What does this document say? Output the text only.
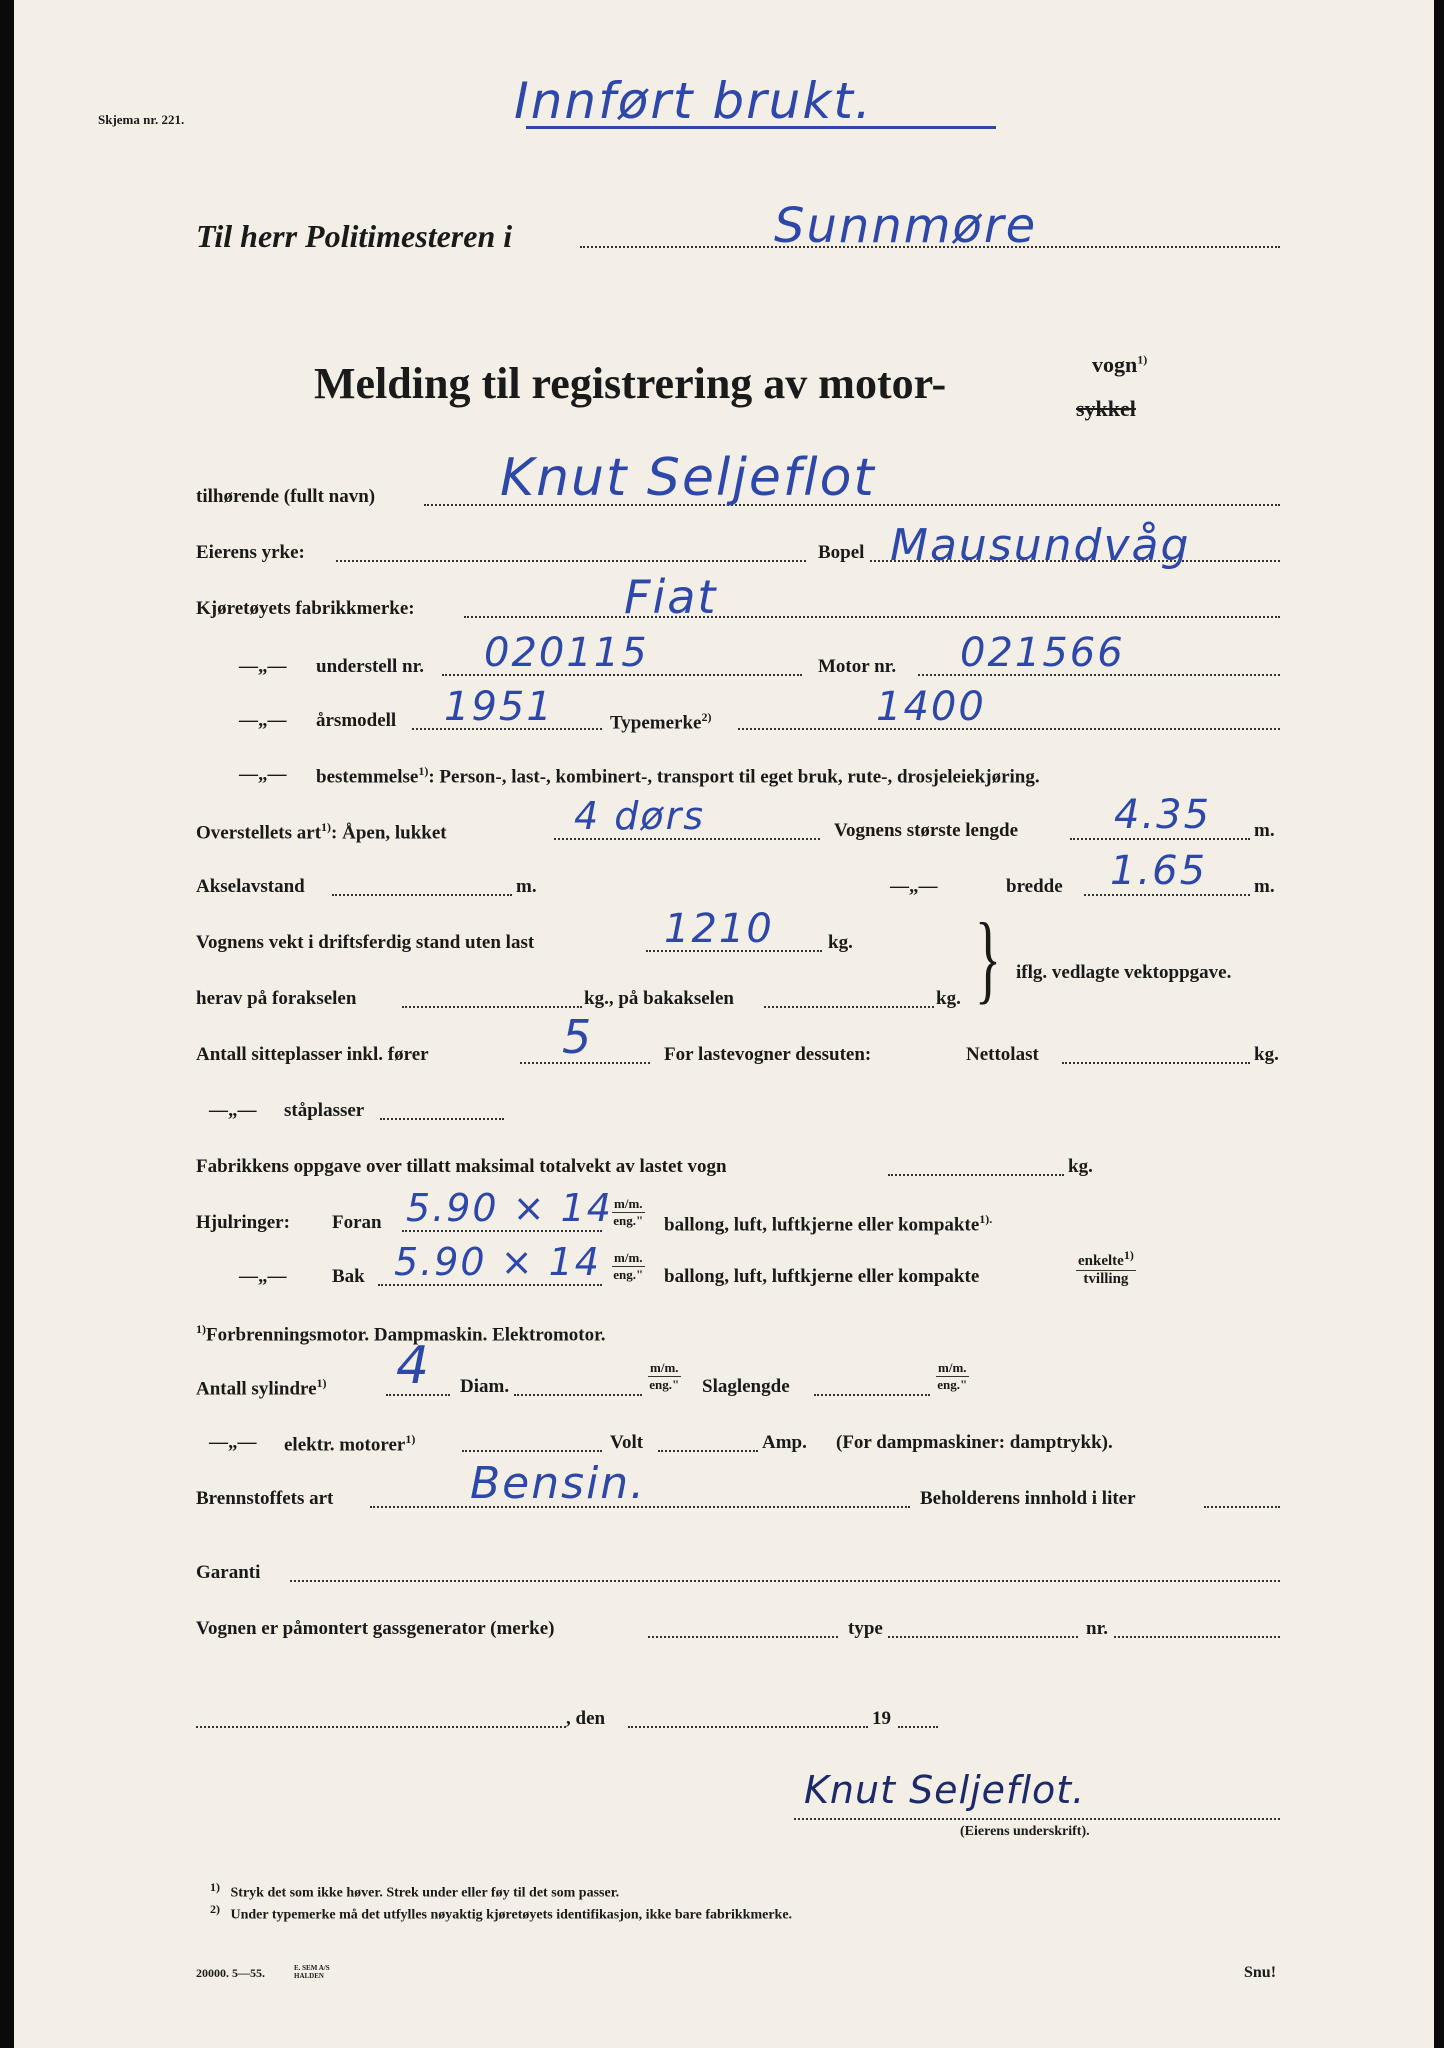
Innført brukt.
Skjema nr. 221.
Til herr Politimesteren i	Sunnmøre
Melding til registrering av motor-	vogn$^{1)}$
sykkel
tilhørende (fullt navn) Knut Seljeflot
Eierens yrke:	Bopel Mausundvåg
Kjøretøyets fabrikkmerke:	Fiat
—„— understell nr. 020115	Motor nr. 021566
—„— årsmodell 1951	Typemerke$^{2)}$	1400
—„— bestemmelse$^{1)}$: Person-, last-, kombinert-, transport til eget bruk, rute-, drosjeleiekjøring.
Overstellets art$^{1)}$: Åpen, lukket	4 dørs	Vognens største lengde 4.35 m.
Akselavstand	m.	—„—	bredde 1.65 m.
Vognens vekt i driftsferdig stand uten last	1210	kg.
herav på forakselen	kg., på bakakselen	kg. } iflg. vedlagte vektoppgave.
Antall sitteplasser inkl. fører	5	For lastevogner dessuten:	Nettolast	kg.
—„— ståplasser
Fabrikkens oppgave over tillatt maksimal totalvekt av lastet vogn	kg.
Hjulringer: Foran 5.90 × 14 m/m.
eng." ballong, luft, luftkjerne eller kompakte$^{1).}$
—„— Bak 5.90 × 14 m/m.
eng." ballong, luft, luftkjerne eller kompakte
enkelte$^{1)}$
tvilling
$^{1)}$Forbrenningsmotor. Dampmaskin. Elektromotor.
Antall sylindre$^{1)}$ 4 Diam.
m/m.
eng." Slaglengde
m/m.
eng."
—„— elektr. motorer$^{1)}$	Volt	Amp. (For dampmaskiner: damptrykk).
Brennstoffets art	Bensin.	Beholderens innhold i liter
Garanti
Vognen er påmontert gassgenerator (merke)	type	nr.
, den	19
Knut Seljeflot.
(Eierens underskrift).
1) Stryk det som ikke høver. Strek under eller føy til det som passer.
2) Under typemerke må det utfylles nøyaktig kjøretøyets identifikasjon, ikke bare fabrikkmerke.
20000. 5—55.	E. SEM A/S HALDEN	Snu!
